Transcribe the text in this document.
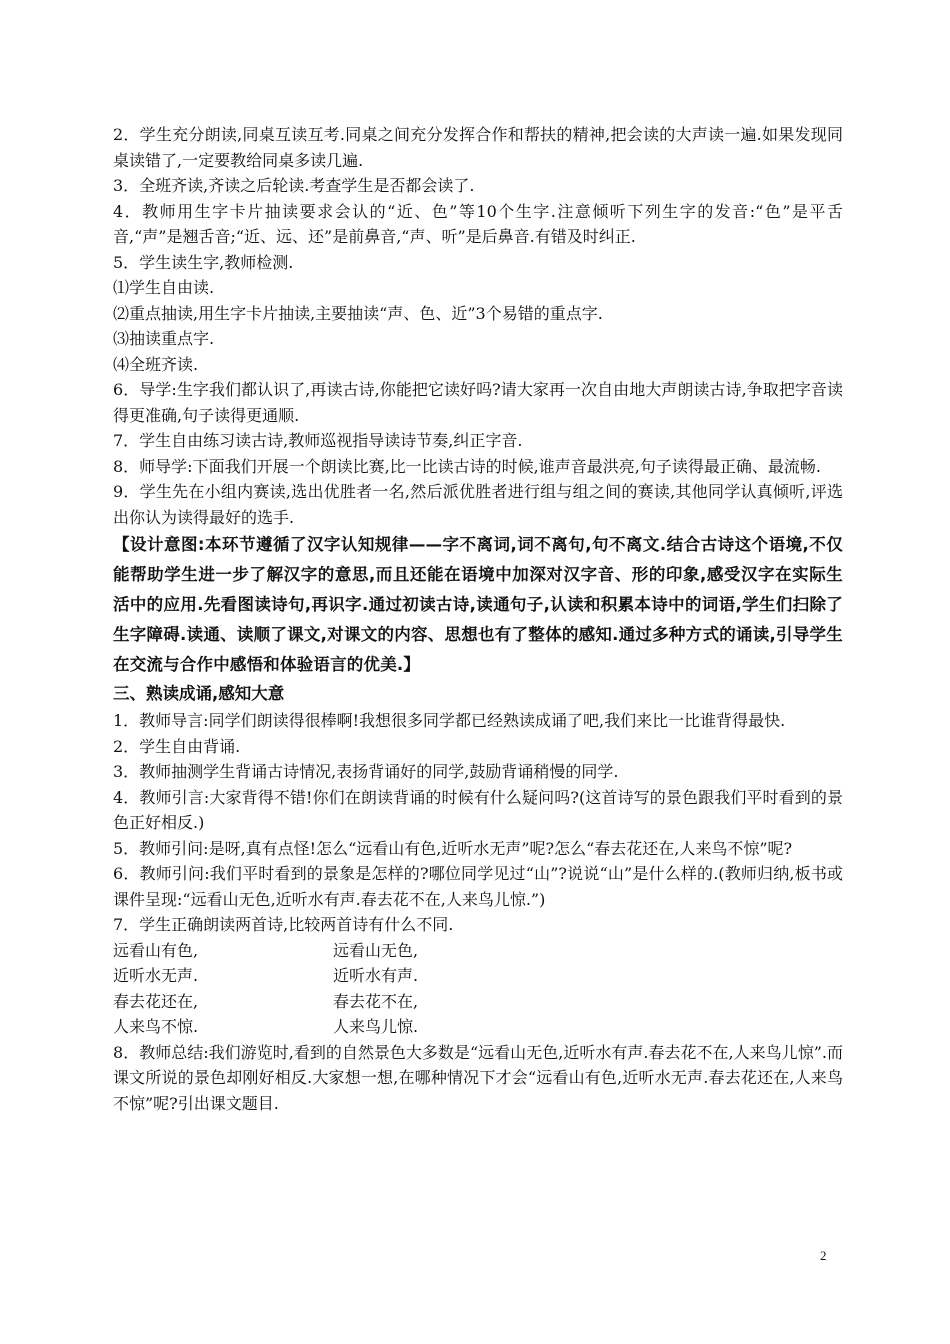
2．学生充分朗读,同桌互读互考.同桌之间充分发挥合作和帮扶的精神,把会读的大声读一遍.如果发现同桌读错了,一定要教给同桌多读几遍.

3．全班齐读,齐读之后轮读.考查学生是否都会读了.

4．教师用生字卡片抽读要求会认的“近、色”等10个生字.注意倾听下列生字的发音:“色”是平舌音,“声”是翘舌音;“近、远、还”是前鼻音,“声、听”是后鼻音.有错及时纠正.

5．学生读生字,教师检测.

⑴学生自由读.

⑵重点抽读,用生字卡片抽读,主要抽读“声、色、近”3个易错的重点字.

⑶抽读重点字.

⑷全班齐读.

6．导学:生字我们都认识了,再读古诗,你能把它读好吗?请大家再一次自由地大声朗读古诗,争取把字音读得更准确,句子读得更通顺.

7．学生自由练习读古诗,教师巡视指导读诗节奏,纠正字音.

8．师导学:下面我们开展一个朗读比赛,比一比读古诗的时候,谁声音最洪亮,句子读得最正确、最流畅.

9．学生先在小组内赛读,选出优胜者一名,然后派优胜者进行组与组之间的赛读,其他同学认真倾听,评选出你认为读得最好的选手.

【设计意图:本环节遵循了汉字认知规律——字不离词,词不离句,句不离文.结合古诗这个语境,不仅能帮助学生进一步了解汉字的意思,而且还能在语境中加深对汉字音、形的印象,感受汉字在实际生活中的应用.先看图读诗句,再识字.通过初读古诗,读通句子,认读和积累本诗中的词语,学生们扫除了生字障碍.读通、读顺了课文,对课文的内容、思想也有了整体的感知.通过多种方式的诵读,引导学生在交流与合作中感悟和体验语言的优美.】

三、熟读成诵,感知大意

1．教师导言:同学们朗读得很棒啊!我想很多同学都已经熟读成诵了吧,我们来比一比谁背得最快.

2．学生自由背诵.

3．教师抽测学生背诵古诗情况,表扬背诵好的同学,鼓励背诵稍慢的同学.

4．教师引言:大家背得不错!你们在朗读背诵的时候有什么疑问吗?(这首诗写的景色跟我们平时看到的景色正好相反.)

5．教师引问:是呀,真有点怪!怎么“远看山有色,近听水无声”呢?怎么“春去花还在,人来鸟不惊”呢?

6．教师引问:我们平时看到的景象是怎样的?哪位同学见过“山”?说说“山”是什么样的.(教师归纳,板书或课件呈现:“远看山无色,近听水有声.春去花不在,人来鸟儿惊.”)

7．学生正确朗读两首诗,比较两首诗有什么不同.

远看山有色,	远看山无色,
近听水无声.	近听水有声.
春去花还在,	春去花不在,
人来鸟不惊.	人来鸟儿惊.

8．教师总结:我们游览时,看到的自然景色大多数是“远看山无色,近听水有声.春去花不在,人来鸟儿惊”.而课文所说的景色却刚好相反.大家想一想,在哪种情况下才会“远看山有色,近听水无声.春去花还在,人来鸟不惊”呢?引出课文题目.

2
